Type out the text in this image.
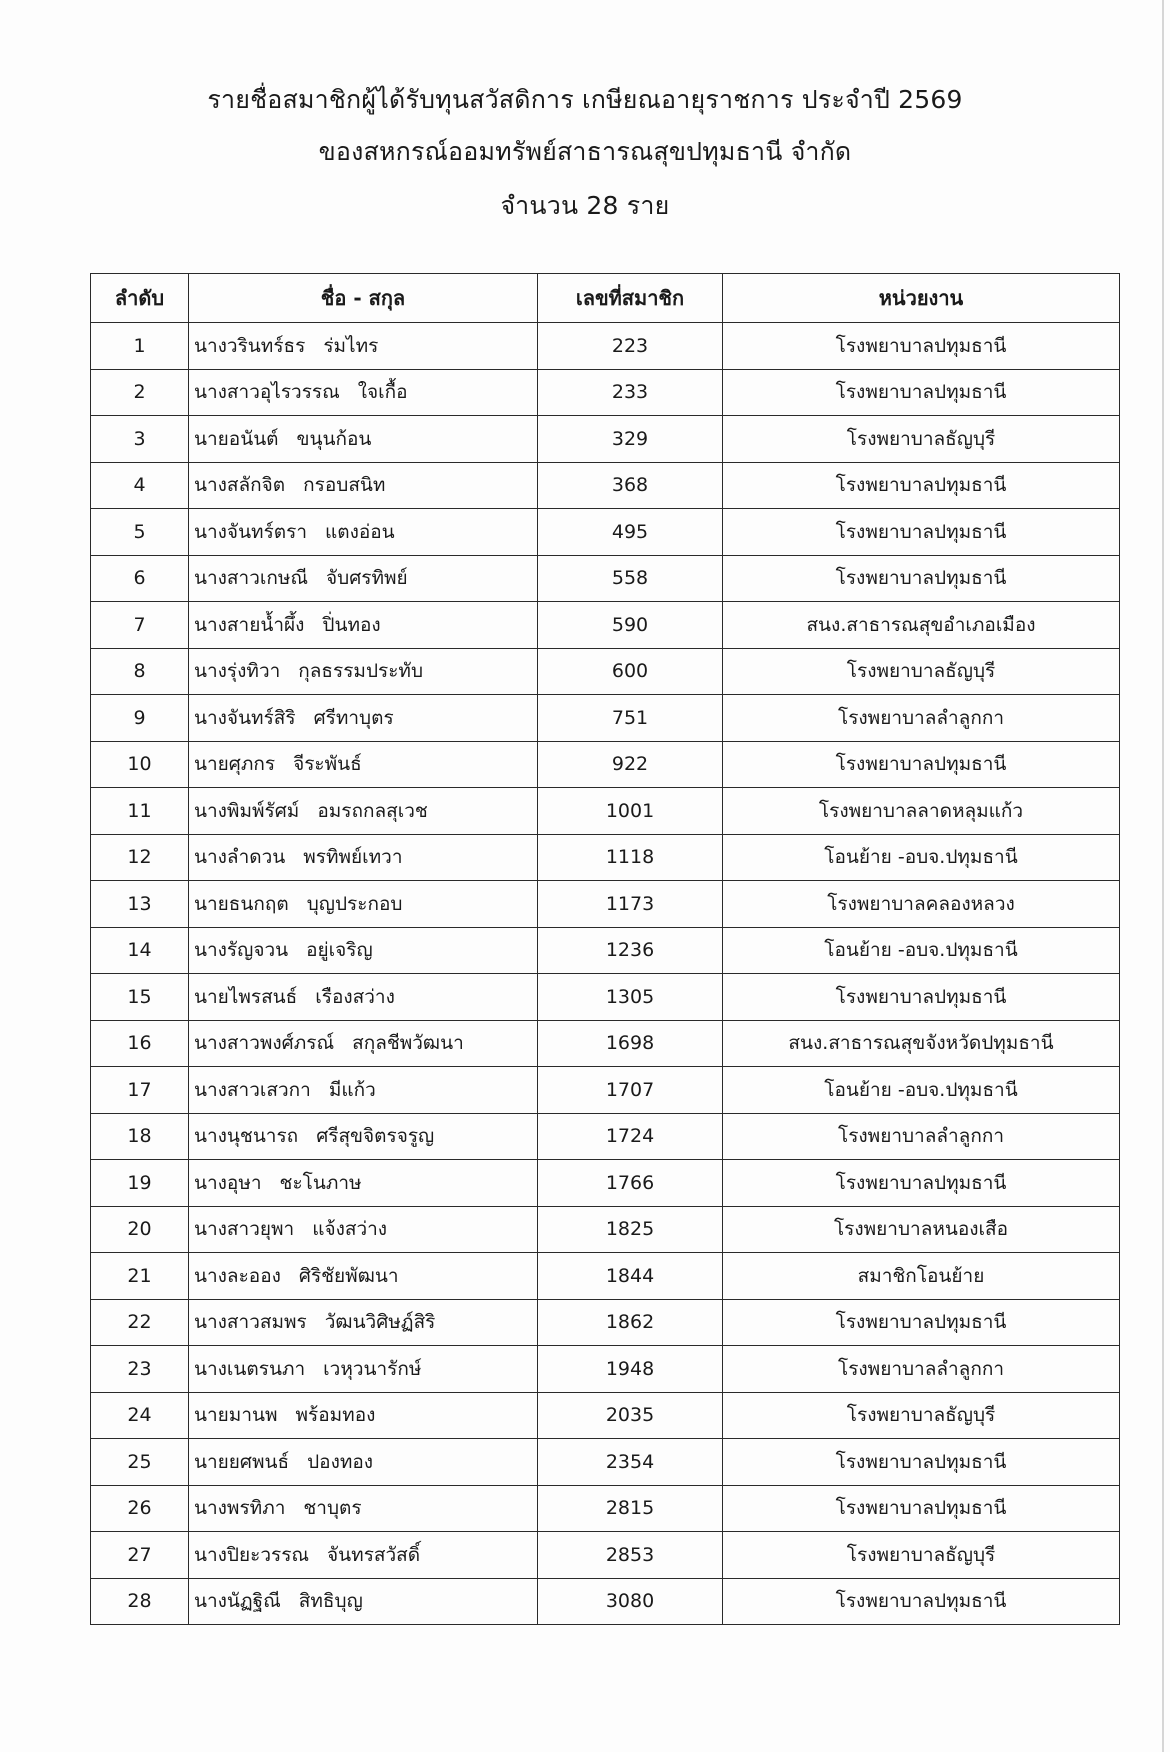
รายชื่อสมาชิกผู้ได้รับทุนสวัสดิการ เกษียณอายุราชการ ประจำปี 2569
ของสหกรณ์ออมทรัพย์สาธารณสุขปทุมธานี จำกัด
จำนวน 28 ราย
ลำดับ	ชื่อ - สกุล	เลขที่สมาชิก	หน่วยงาน
1	นางวรินทร์ธร ร่มไทร	223	โรงพยาบาลปทุมธานี
2	นางสาวอุไรวรรณ ใจเกื้อ	233	โรงพยาบาลปทุมธานี
3	นายอนันต์ ขนุนก้อน	329	โรงพยาบาลธัญบุรี
4	นางสลักจิต กรอบสนิท	368	โรงพยาบาลปทุมธานี
5	นางจันทร์ตรา แตงอ่อน	495	โรงพยาบาลปทุมธานี
6	นางสาวเกษณี จับศรทิพย์	558	โรงพยาบาลปทุมธานี
7	นางสายน้ำผึ้ง ปิ่นทอง	590	สนง.สาธารณสุขอำเภอเมือง
8	นางรุ่งทิวา กุลธรรมประทับ	600	โรงพยาบาลธัญบุรี
9	นางจันทร์สิริ ศรีทาบุตร	751	โรงพยาบาลลำลูกกา
10	นายศุภกร จีระพันธ์	922	โรงพยาบาลปทุมธานี
11	นางพิมพ์รัศม์ อมรถกลสุเวช	1001	โรงพยาบาลลาดหลุมแก้ว
12	นางลำดวน พรทิพย์เทวา	1118	โอนย้าย -อบจ.ปทุมธานี
13	นายธนกฤต บุญประกอบ	1173	โรงพยาบาลคลองหลวง
14	นางรัญจวน อยู่เจริญ	1236	โอนย้าย -อบจ.ปทุมธานี
15	นายไพรสนธ์ เรืองสว่าง	1305	โรงพยาบาลปทุมธานี
16	นางสาวพงศ์ภรณ์ สกุลชีพวัฒนา	1698	สนง.สาธารณสุขจังหวัดปทุมธานี
17	นางสาวเสวกา มีแก้ว	1707	โอนย้าย -อบจ.ปทุมธานี
18	นางนุชนารถ ศรีสุขจิตรจรูญ	1724	โรงพยาบาลลำลูกกา
19	นางอุษา ชะโนภาษ	1766	โรงพยาบาลปทุมธานี
20	นางสาวยุพา แจ้งสว่าง	1825	โรงพยาบาลหนองเสือ
21	นางละออง ศิริชัยพัฒนา	1844	สมาชิกโอนย้าย
22	นางสาวสมพร วัฒนวิศิษฏ์สิริ	1862	โรงพยาบาลปทุมธานี
23	นางเนตรนภา เวหุวนารักษ์	1948	โรงพยาบาลลำลูกกา
24	นายมานพ พร้อมทอง	2035	โรงพยาบาลธัญบุรี
25	นายยศพนธ์ ปองทอง	2354	โรงพยาบาลปทุมธานี
26	นางพรทิภา ชาบุตร	2815	โรงพยาบาลปทุมธานี
27	นางปิยะวรรณ จันทรสวัสดิ์	2853	โรงพยาบาลธัญบุรี
28	นางนัฏฐิณี สิทธิบุญ	3080	โรงพยาบาลปทุมธานี
